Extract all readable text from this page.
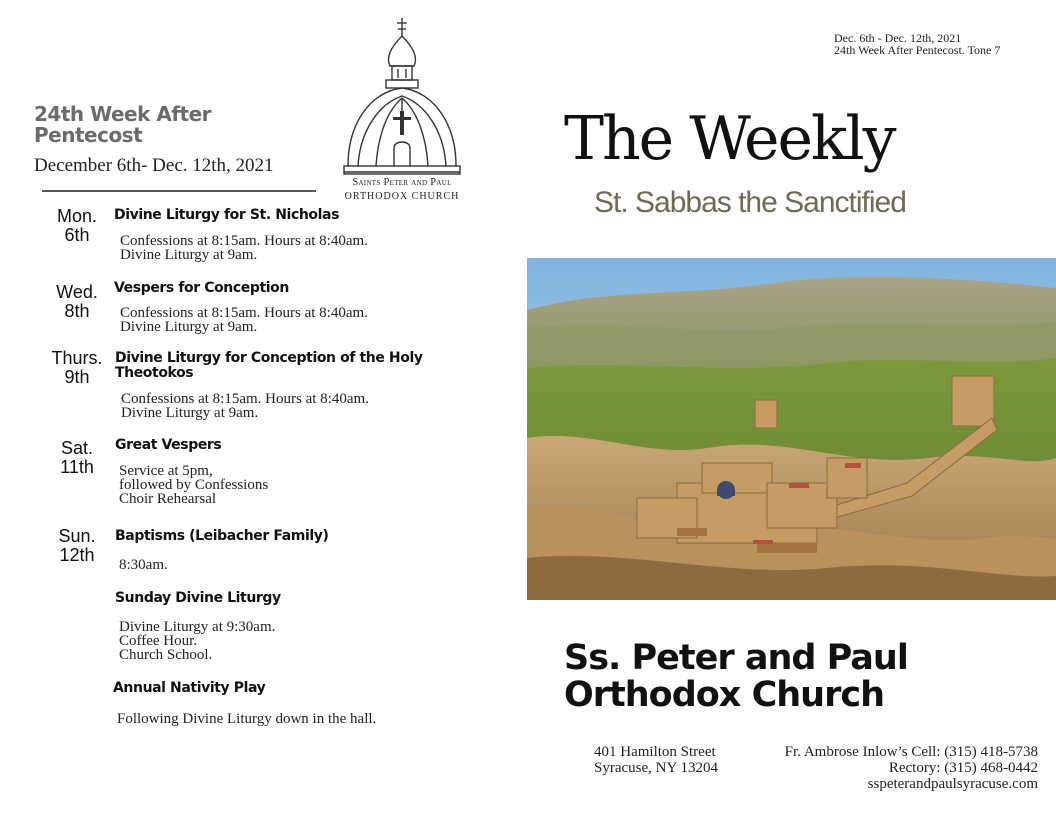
24th Week After Pentecost
December 6th- Dec. 12th, 2021
Saints Peter and Paul
ORTHODOX CHURCH
Mon.
6th
Divine Liturgy for St. Nicholas
Confessions at 8:15am. Hours at 8:40am.
Divine Liturgy at 9am.
Wed.
8th
Vespers for Conception
Confessions at 8:15am. Hours at 8:40am.
Divine Liturgy at 9am.
Thurs.
9th
Divine Liturgy for Conception of the Holy Theotokos
Confessions at 8:15am. Hours at 8:40am.
Divine Liturgy at 9am.
Sat.
11th
Great Vespers
Service at 5pm,
followed by Confessions
Choir Rehearsal
Sun.
12th
Baptisms (Leibacher Family)
8:30am.
Sunday Divine Liturgy
Divine Liturgy at 9:30am.
Coffee Hour.
Church School.
Annual Nativity Play
Following Divine Liturgy down in the hall.
Dec. 6th - Dec. 12th, 2021
24th Week After Pentecost. Tone 7
The Weekly
St. Sabbas the Sanctified
Ss. Peter and Paul
Orthodox Church
401 Hamilton Street
Syracuse, NY 13204
Fr. Ambrose Inlow’s Cell: (315) 418-5738
Rectory: (315) 468-0442
sspeterandpaulsyracuse.com
